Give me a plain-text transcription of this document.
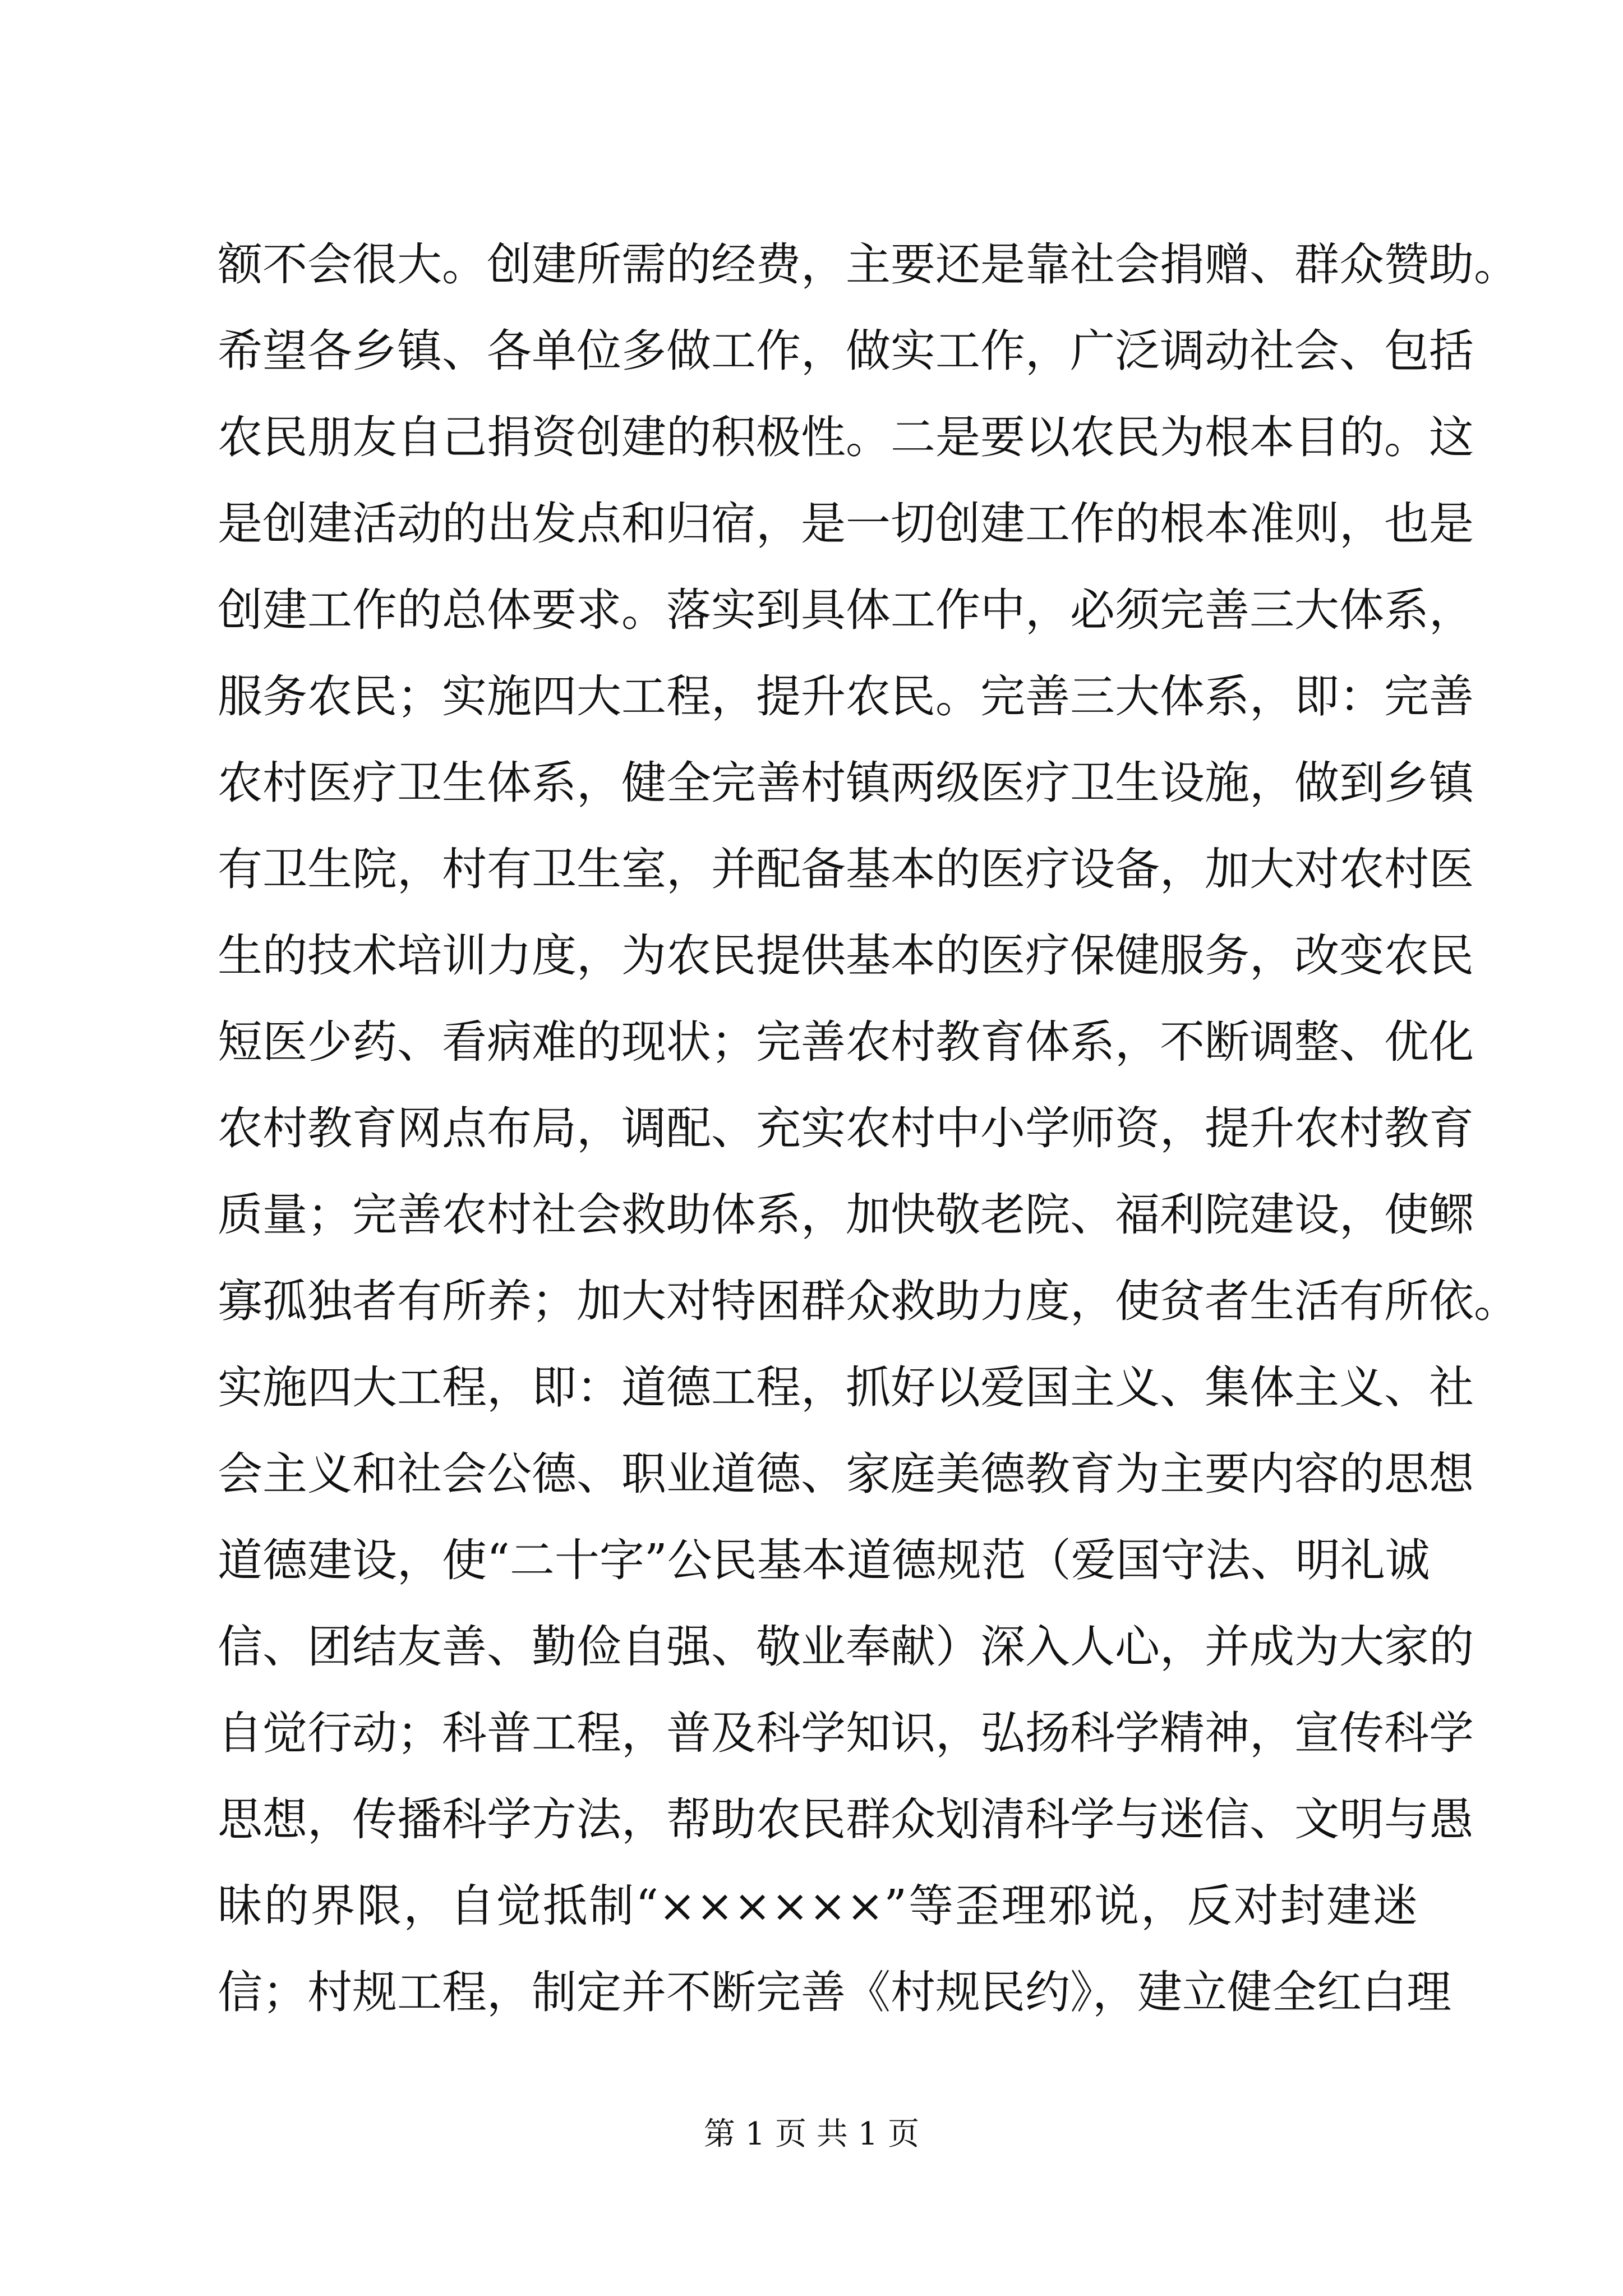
额不会很大。创建所需的经费，主要还是靠社会捐赠、群众赞助。
希望各乡镇、各单位多做工作，做实工作，广泛调动社会、包括
农民朋友自己捐资创建的积极性。二是要以农民为根本目的。这
是创建活动的出发点和归宿，是一切创建工作的根本准则，也是
创建工作的总体要求。落实到具体工作中，必须完善三大体系，
服务农民；实施四大工程，提升农民。完善三大体系，即：完善
农村医疗卫生体系，健全完善村镇两级医疗卫生设施，做到乡镇
有卫生院，村有卫生室，并配备基本的医疗设备，加大对农村医
生的技术培训力度，为农民提供基本的医疗保健服务，改变农民
短医少药、看病难的现状；完善农村教育体系，不断调整、优化
农村教育网点布局，调配、充实农村中小学师资，提升农村教育
质量；完善农村社会救助体系，加快敬老院、福利院建设，使鳏
寡孤独者有所养；加大对特困群众救助力度，使贫者生活有所依。
实施四大工程，即：道德工程，抓好以爱国主义、集体主义、社
会主义和社会公德、职业道德、家庭美德教育为主要内容的思想
道德建设，使“二十字”公民基本道德规范（爱国守法、明礼诚
信、团结友善、勤俭自强、敬业奉献）深入人心，并成为大家的
自觉行动；科普工程，普及科学知识，弘扬科学精神，宣传科学
思想，传播科学方法，帮助农民群众划清科学与迷信、文明与愚
昧的界限，自觉抵制“××××××”等歪理邪说，反对封建迷
信；村规工程，制定并不断完善《村规民约》，建立健全红白理
第 1 页 共 1 页
